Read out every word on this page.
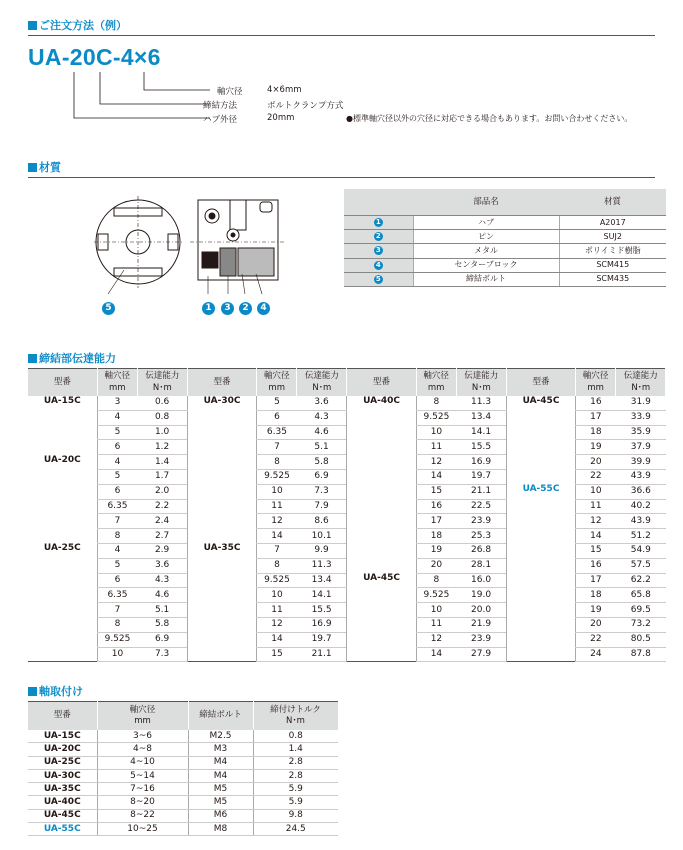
ご注文方法（例）
UA-20C-4×6
軸穴径	4×6mm
締結方法	ボルトクランプ方式
ハブ外径	20mm	●標準軸穴径以外の穴径に対応できる場合もあります。お問い合わせください。
材質
5	1	3	2	4
	部品名	材質
1	ハブ	A2017
2	ピン	SUJ2
3	メタル	ポリイミド樹脂
4	センターブロック	SCM415
5	締結ボルト	SCM435
締結部伝達能力
型番	軸穴径
mm	伝達能力
N･m	型番	軸穴径
mm	伝達能力
N･m	型番	軸穴径
mm	伝達能力
N･m	型番	軸穴径
mm	伝達能力
N･m
UA-15C	3	0.6	UA-30C	5	3.6	UA-40C	8	11.3	UA-45C	16	31.9
	4	0.8		6	4.3		9.525	13.4		17	33.9
	5	1.0		6.35	4.6		10	14.1		18	35.9
	6	1.2		7	5.1		11	15.5		19	37.9
UA-20C	4	1.4		8	5.8		12	16.9		20	39.9
	5	1.7		9.525	6.9		14	19.7		22	43.9
	6	2.0		10	7.3		15	21.1	UA-55C	10	36.6
	6.35	2.2		11	7.9		16	22.5		11	40.2
	7	2.4		12	8.6		17	23.9		12	43.9
	8	2.7		14	10.1		18	25.3		14	51.2
UA-25C	4	2.9	UA-35C	7	9.9		19	26.8		15	54.9
	5	3.6		8	11.3		20	28.1		16	57.5
	6	4.3		9.525	13.4	UA-45C	8	16.0		17	62.2
	6.35	4.6		10	14.1		9.525	19.0		18	65.8
	7	5.1		11	15.5		10	20.0		19	69.5
	8	5.8		12	16.9		11	21.9		20	73.2
	9.525	6.9		14	19.7		12	23.9		22	80.5
	10	7.3		15	21.1		14	27.9		24	87.8
軸取付け
型番	軸穴径
mm	締結ボルト	締付けトルク
N･m
UA-15C	3~6	M2.5	0.8
UA-20C	4~8	M3	1.4
UA-25C	4~10	M4	2.8
UA-30C	5~14	M4	2.8
UA-35C	7~16	M5	5.9
UA-40C	8~20	M5	5.9
UA-45C	8~22	M6	9.8
UA-55C	10~25	M8	24.5
